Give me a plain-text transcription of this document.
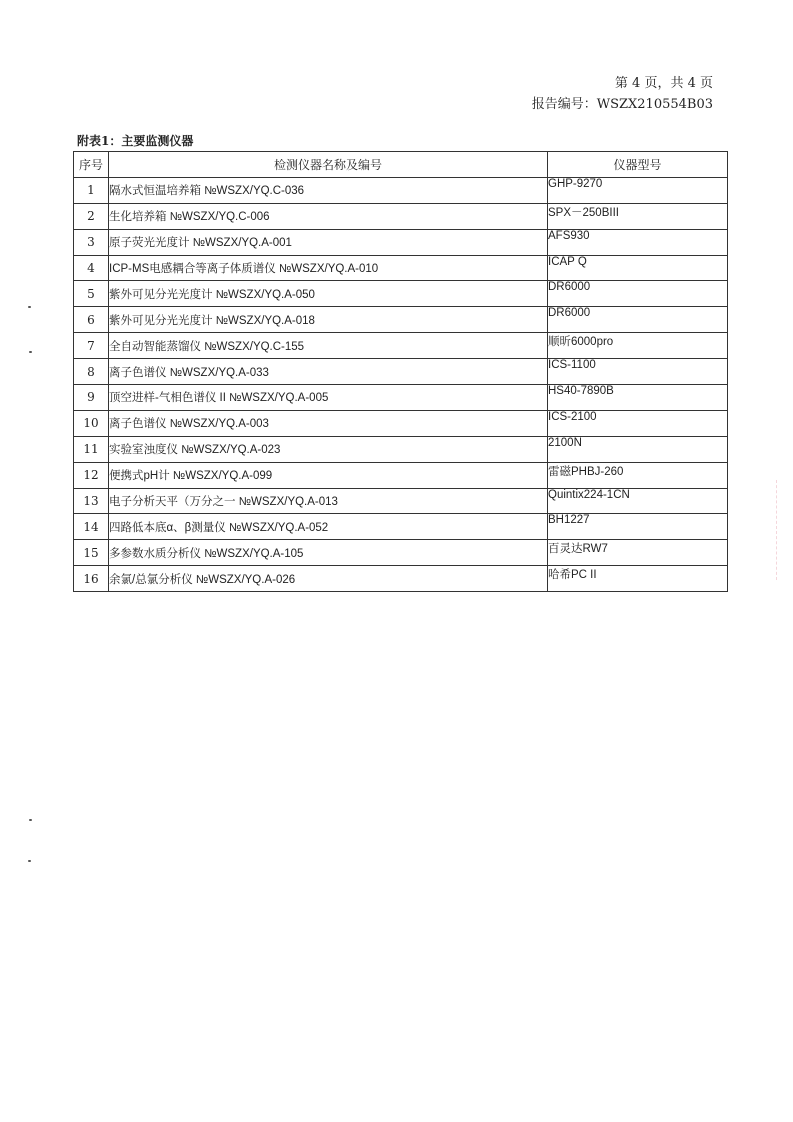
第 4 页，共 4 页
报告编号：WSZX210554B03
附表1：主要监测仪器
序号	检测仪器名称及编号	仪器型号
1	隔水式恒温培养箱 №WSZX/YQ.C-036	GHP-9270
2	生化培养箱 №WSZX/YQ.C-006	SPX－250BIII
3	原子荧光光度计 №WSZX/YQ.A-001	AFS930
4	ICP-MS电感耦合等离子体质谱仪 №WSZX/YQ.A-010	ICAP Q
5	紫外可见分光光度计 №WSZX/YQ.A-050	DR6000
6	紫外可见分光光度计 №WSZX/YQ.A-018	DR6000
7	全自动智能蒸馏仪 №WSZX/YQ.C-155	顺昕6000pro
8	离子色谱仪 №WSZX/YQ.A-033	ICS-1100
9	顶空进样-气相色谱仪 II №WSZX/YQ.A-005	HS40-7890B
10	离子色谱仪 №WSZX/YQ.A-003	ICS-2100
11	实验室浊度仪 №WSZX/YQ.A-023	2100N
12	便携式pH计 №WSZX/YQ.A-099	雷磁PHBJ-260
13	电子分析天平（万分之一 №WSZX/YQ.A-013	Quintix224-1CN
14	四路低本底α、β测量仪 №WSZX/YQ.A-052	BH1227
15	多参数水质分析仪 №WSZX/YQ.A-105	百灵达RW7
16	余氯/总氯分析仪 №WSZX/YQ.A-026	哈希PC II
